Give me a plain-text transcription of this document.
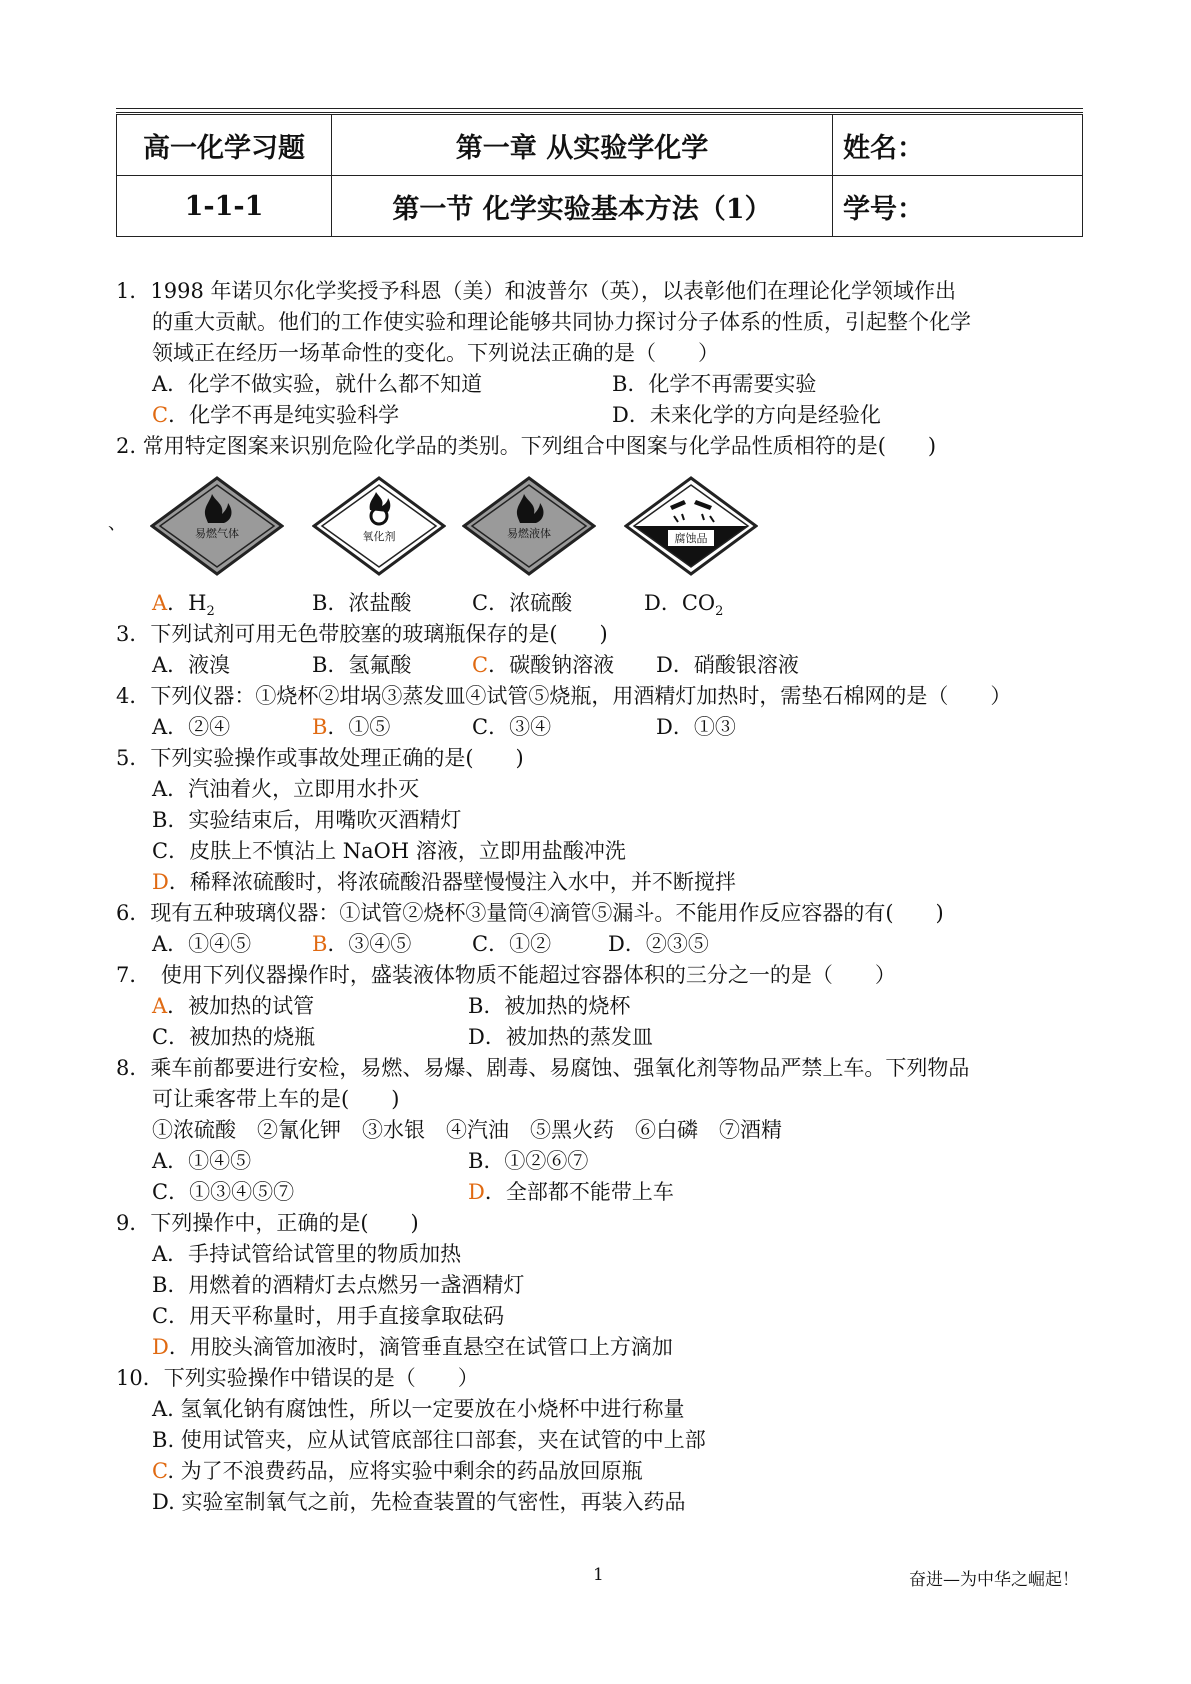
高一化学习题	第一章 从实验学化学	姓名：
1-1-1	第一节 化学实验基本方法（1）	学号：
1．1998 年诺贝尔化学奖授予科恩（美）和波普尔（英），以表彰他们在理论化学领域作出
的重大贡献。他们的工作使实验和理论能够共同协力探讨分子体系的性质，引起整个化学
领域正在经历一场革命性的变化。下列说法正确的是（　　）
A．化学不做实验，就什么都不知道	B．化学不再需要实验
C．化学不再是纯实验科学	D．未来化学的方向是经验化
2. 常用特定图案来识别危险化学品的类别。下列组合中图案与化学品性质相符的是(　　)
、	易燃气体	氧化剂	易燃液体	腐蚀品
A．$H_2$	B．浓盐酸	C．浓硫酸	D．$CO_2$
3．下列试剂可用无色带胶塞的玻璃瓶保存的是(　　)
A．液溴	B．氢氟酸	C．碳酸钠溶液 D．硝酸银溶液
4．下列仪器：①烧杯②坩埚③蒸发皿④试管⑤烧瓶，用酒精灯加热时，需垫石棉网的是（　　）
A．②④	B．①⑤	C．③④	D．①③
5．下列实验操作或事故处理正确的是(　　)
A．汽油着火，立即用水扑灭
B．实验结束后，用嘴吹灭酒精灯
C．皮肤上不慎沾上 NaOH 溶液，立即用盐酸冲洗
D．稀释浓硫酸时，将浓硫酸沿器壁慢慢注入水中，并不断搅拌
6．现有五种玻璃仪器：①试管②烧杯③量筒④滴管⑤漏斗。不能用作反应容器的有(　　)
A．①④⑤	B．③④⑤	C．①②	D．②③⑤
7．　使用下列仪器操作时，盛装液体物质不能超过容器体积的三分之一的是（　　）
A．被加热的试管	B．被加热的烧杯
C．被加热的烧瓶	D．被加热的蒸发皿
8．乘车前都要进行安检，易燃、易爆、剧毒、易腐蚀、强氧化剂等物品严禁上车。下列物品
可让乘客带上车的是(　　)
①浓硫酸　②氰化钾　③水银　④汽油　⑤黑火药　⑥白磷　⑦酒精
A．①④⑤	B．①②⑥⑦
C．①③④⑤⑦	D．全部都不能带上车
9．下列操作中，正确的是(　　)
A．手持试管给试管里的物质加热
B．用燃着的酒精灯去点燃另一盏酒精灯
C．用天平称量时，用手直接拿取砝码
D．用胶头滴管加液时，滴管垂直悬空在试管口上方滴加
10．下列实验操作中错误的是（　　）
A. 氢氧化钠有腐蚀性，所以一定要放在小烧杯中进行称量
B. 使用试管夹，应从试管底部往口部套，夹在试管的中上部
C. 为了不浪费药品，应将实验中剩余的药品放回原瓶
D. 实验室制氧气之前，先检查装置的气密性，再装入药品
1	奋进—为中华之崛起！
